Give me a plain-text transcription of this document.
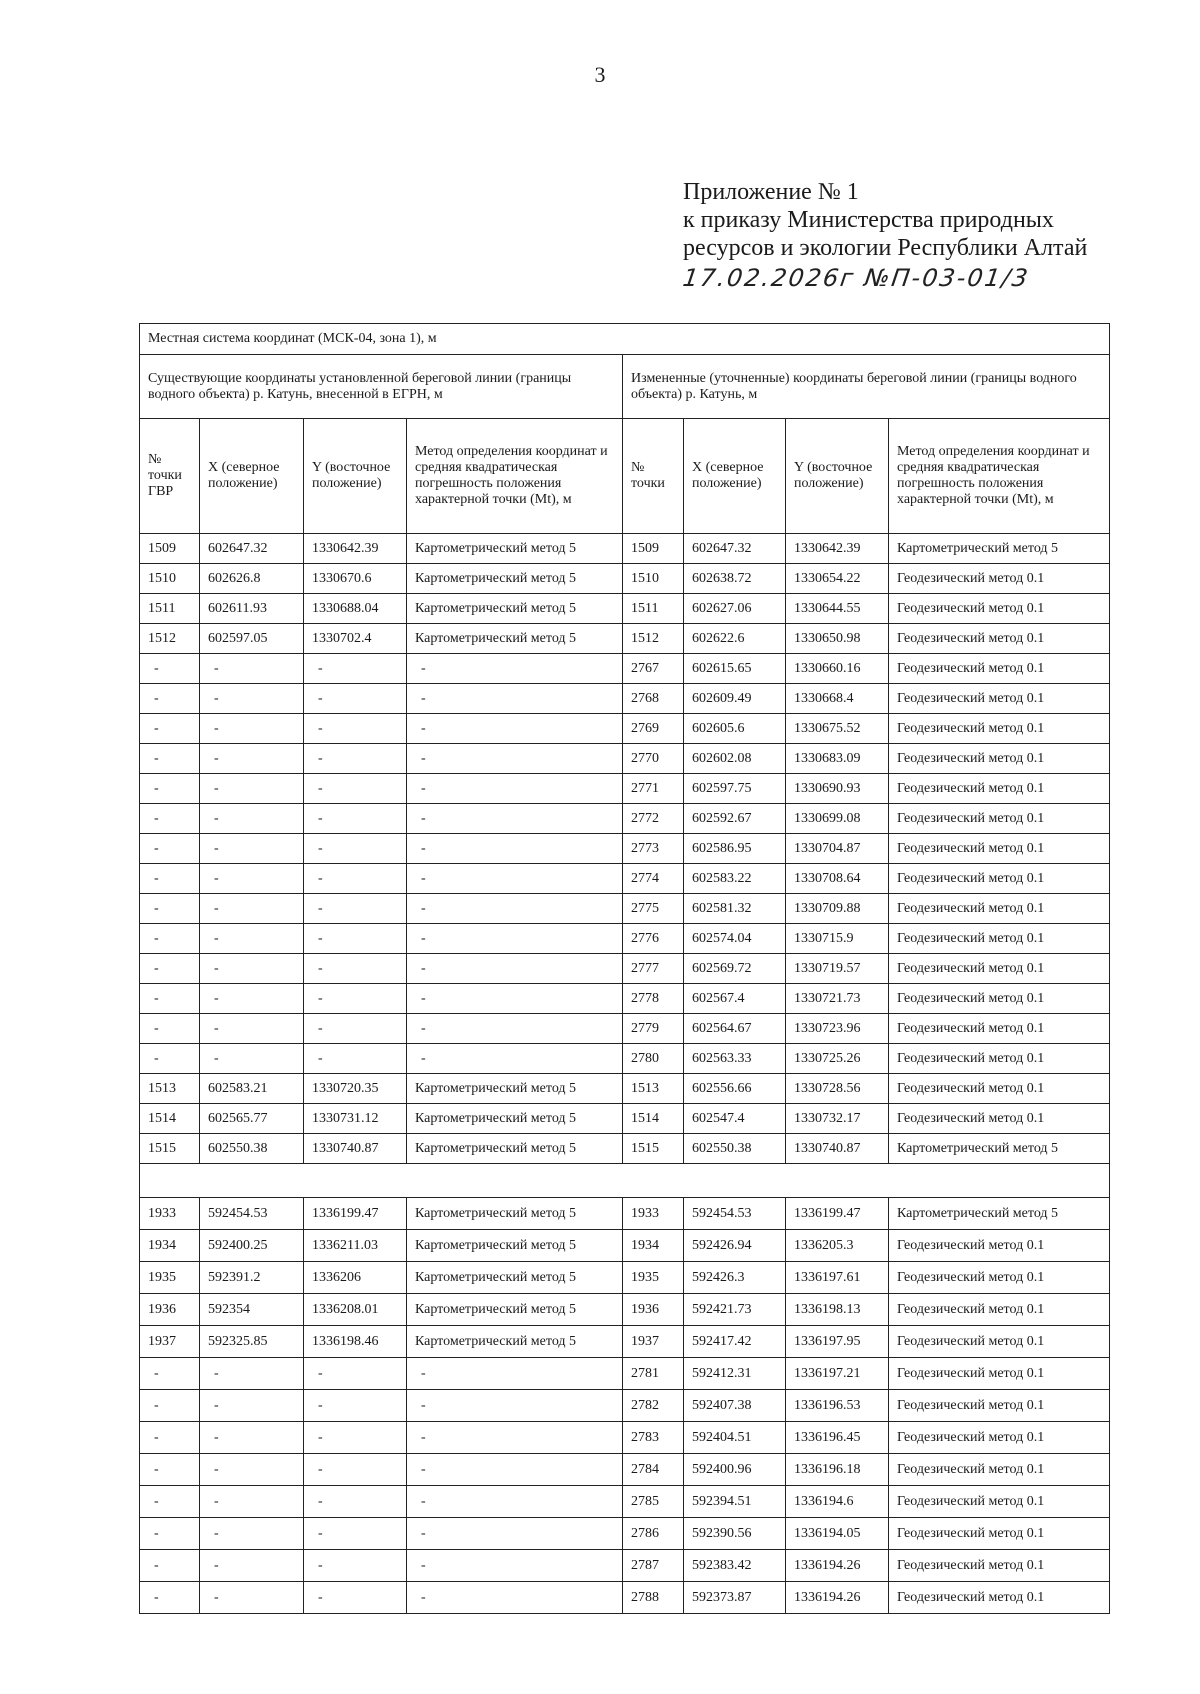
3
Приложение № 1
к приказу Министерства природных
ресурсов и экологии Республики Алтай
17.02.2026г №П-03-01/3
Местная система координат (МСК-04, зона 1), м							
Существующие координаты установленной береговой линии (границы водного объекта) р. Катунь, внесенной в ЕГРН, м				Измененные (уточненные) координаты береговой линии (границы водного объекта) р. Катунь, м			
№ точки ГВР	X (северное положение)	Y (восточное положение)	Метод определения координат и средняя квадратическая погрешность положения характерной точки (Mt), м	№ точки	X (северное положение)	Y (восточное положение)	Метод определения координат и средняя квадратическая погрешность положения характерной точки (Mt), м
1509	602647.32	1330642.39	Картометрический метод 5	1509	602647.32	1330642.39	Картометрический метод 5
1510	602626.8	1330670.6	Картометрический метод 5	1510	602638.72	1330654.22	Геодезический метод 0.1
1511	602611.93	1330688.04	Картометрический метод 5	1511	602627.06	1330644.55	Геодезический метод 0.1
1512	602597.05	1330702.4	Картометрический метод 5	1512	602622.6	1330650.98	Геодезический метод 0.1
-	-	-	-	2767	602615.65	1330660.16	Геодезический метод 0.1
-	-	-	-	2768	602609.49	1330668.4	Геодезический метод 0.1
-	-	-	-	2769	602605.6	1330675.52	Геодезический метод 0.1
-	-	-	-	2770	602602.08	1330683.09	Геодезический метод 0.1
-	-	-	-	2771	602597.75	1330690.93	Геодезический метод 0.1
-	-	-	-	2772	602592.67	1330699.08	Геодезический метод 0.1
-	-	-	-	2773	602586.95	1330704.87	Геодезический метод 0.1
-	-	-	-	2774	602583.22	1330708.64	Геодезический метод 0.1
-	-	-	-	2775	602581.32	1330709.88	Геодезический метод 0.1
-	-	-	-	2776	602574.04	1330715.9	Геодезический метод 0.1
-	-	-	-	2777	602569.72	1330719.57	Геодезический метод 0.1
-	-	-	-	2778	602567.4	1330721.73	Геодезический метод 0.1
-	-	-	-	2779	602564.67	1330723.96	Геодезический метод 0.1
-	-	-	-	2780	602563.33	1330725.26	Геодезический метод 0.1
1513	602583.21	1330720.35	Картометрический метод 5	1513	602556.66	1330728.56	Геодезический метод 0.1
1514	602565.77	1330731.12	Картометрический метод 5	1514	602547.4	1330732.17	Геодезический метод 0.1
1515	602550.38	1330740.87	Картометрический метод 5	1515	602550.38	1330740.87	Картометрический метод 5

1933	592454.53	1336199.47	Картометрический метод 5	1933	592454.53	1336199.47	Картометрический метод 5
1934	592400.25	1336211.03	Картометрический метод 5	1934	592426.94	1336205.3	Геодезический метод 0.1
1935	592391.2	1336206	Картометрический метод 5	1935	592426.3	1336197.61	Геодезический метод 0.1
1936	592354	1336208.01	Картометрический метод 5	1936	592421.73	1336198.13	Геодезический метод 0.1
1937	592325.85	1336198.46	Картометрический метод 5	1937	592417.42	1336197.95	Геодезический метод 0.1
-	-	-	-	2781	592412.31	1336197.21	Геодезический метод 0.1
-	-	-	-	2782	592407.38	1336196.53	Геодезический метод 0.1
-	-	-	-	2783	592404.51	1336196.45	Геодезический метод 0.1
-	-	-	-	2784	592400.96	1336196.18	Геодезический метод 0.1
-	-	-	-	2785	592394.51	1336194.6	Геодезический метод 0.1
-	-	-	-	2786	592390.56	1336194.05	Геодезический метод 0.1
-	-	-	-	2787	592383.42	1336194.26	Геодезический метод 0.1
-	-	-	-	2788	592373.87	1336194.26	Геодезический метод 0.1
